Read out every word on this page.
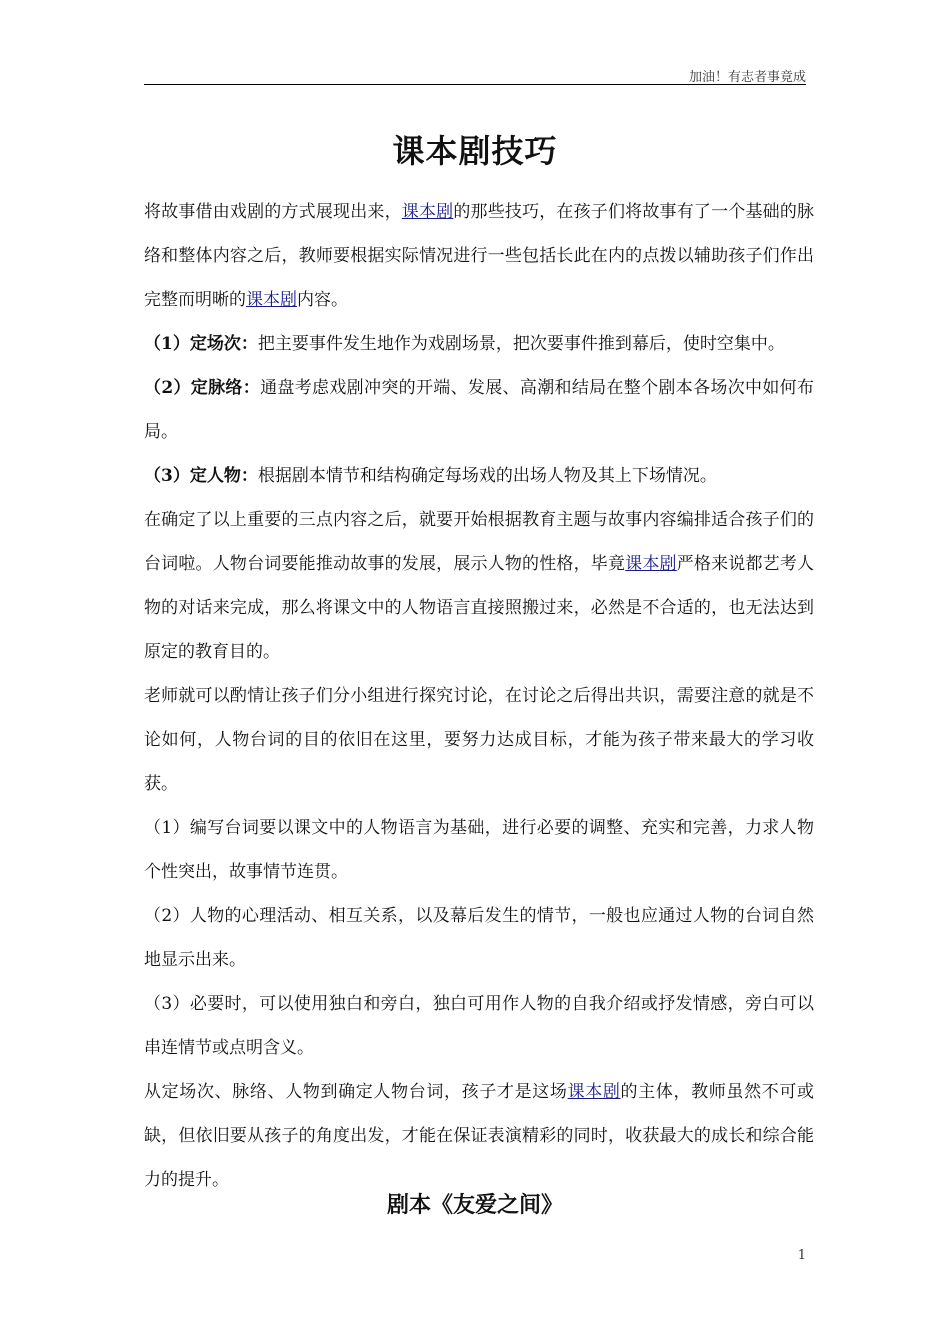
加油！有志者事竟成
课本剧技巧

将故事借由戏剧的方式展现出来，课本剧的那些技巧，在孩子们将故事有了一个基础的脉络和整体内容之后，教师要根据实际情况进行一些包括长此在内的点拨以辅助孩子们作出完整而明晰的课本剧内容。

（1）定场次：把主要事件发生地作为戏剧场景，把次要事件推到幕后，使时空集中。

（2）定脉络：通盘考虑戏剧冲突的开端、发展、高潮和结局在整个剧本各场次中如何布局。

（3）定人物：根据剧本情节和结构确定每场戏的出场人物及其上下场情况。

在确定了以上重要的三点内容之后，就要开始根据教育主题与故事内容编排适合孩子们的台词啦。人物台词要能推动故事的发展，展示人物的性格，毕竟课本剧严格来说都艺考人物的对话来完成，那么将课文中的人物语言直接照搬过来，必然是不合适的，也无法达到原定的教育目的。

老师就可以酌情让孩子们分小组进行探究讨论，在讨论之后得出共识，需要注意的就是不论如何，人物台词的目的依旧在这里，要努力达成目标，才能为孩子带来最大的学习收获。

（1）编写台词要以课文中的人物语言为基础，进行必要的调整、充实和完善，力求人物个性突出，故事情节连贯。

（2）人物的心理活动、相互关系，以及幕后发生的情节，一般也应通过人物的台词自然地显示出来。

（3）必要时，可以使用独白和旁白，独白可用作人物的自我介绍或抒发情感，旁白可以串连情节或点明含义。

从定场次、脉络、人物到确定人物台词，孩子才是这场课本剧的主体，教师虽然不可或缺，但依旧要从孩子的角度出发，才能在保证表演精彩的同时，收获最大的成长和综合能力的提升。

剧本《友爱之间》
1
